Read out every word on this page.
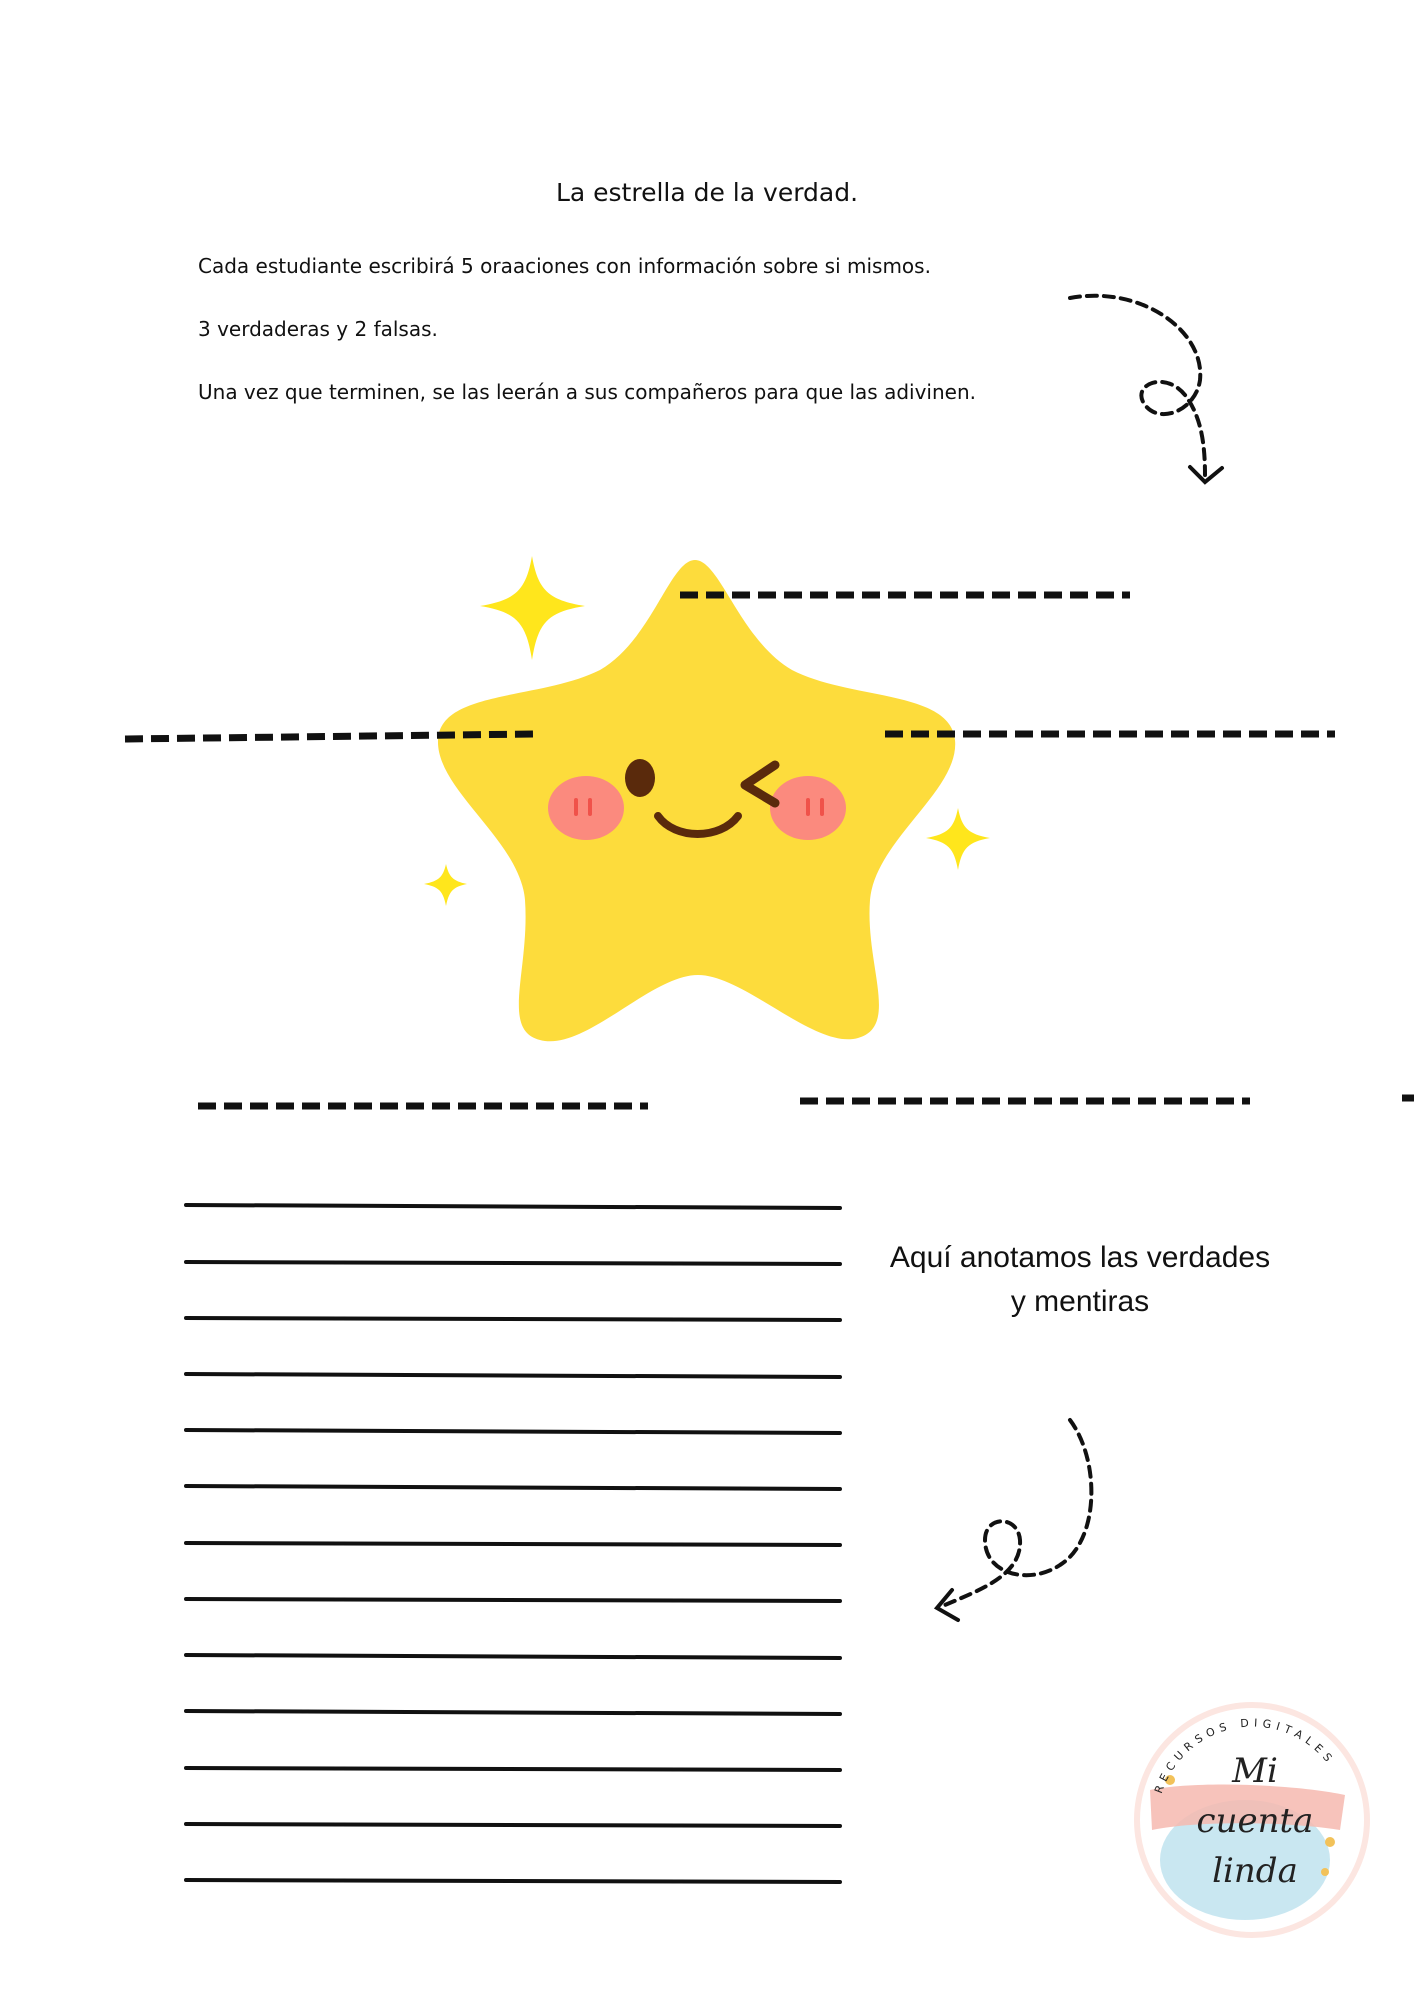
La estrella de la verdad.
Cada estudiante escribirá 5 oraaciones con información sobre si mismos.
3 verdaderas y 2 falsas.
Una vez que terminen, se las leerán a sus compañeros para que las adivinen.
Aquí anotamos las verdades
y mentiras
RECURSOS DIGITALES
Mi
cuenta
linda
